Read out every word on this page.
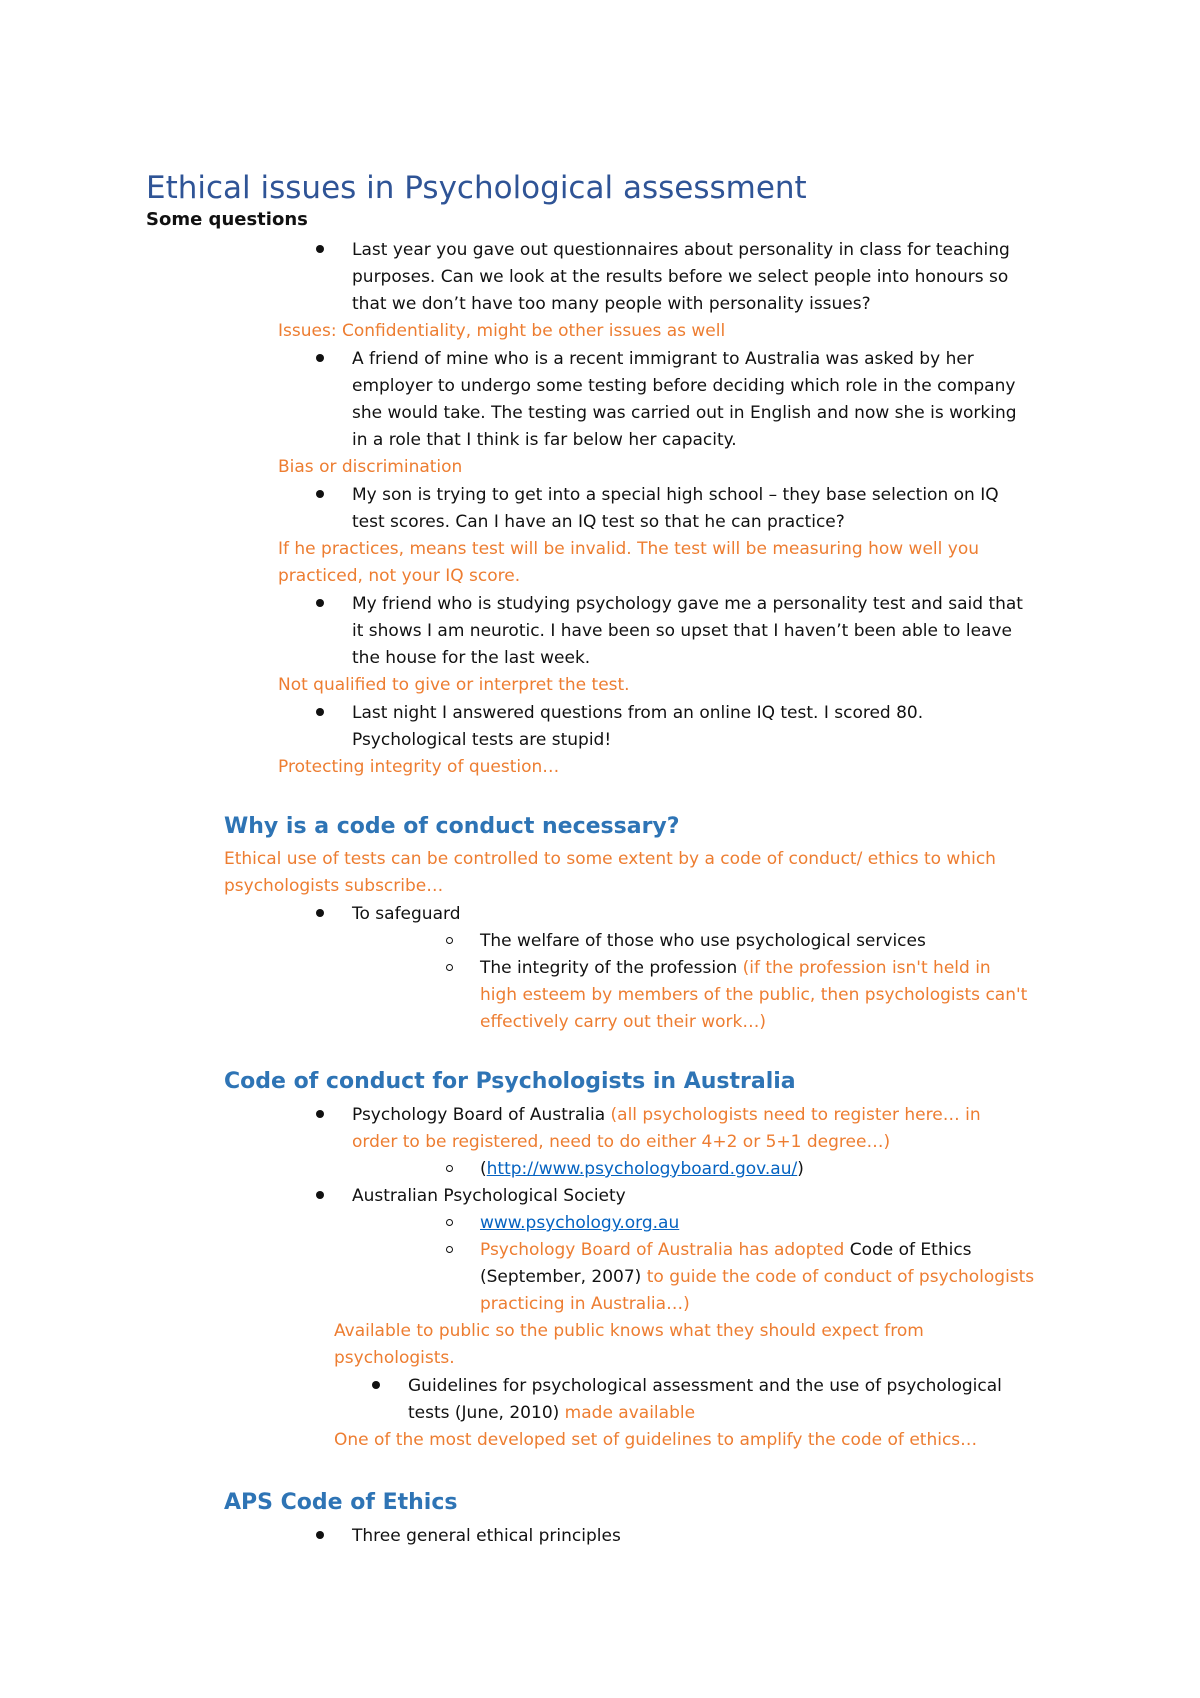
Ethical issues in Psychological assessment
Some questions
Last year you gave out questionnaires about personality in class for teaching
purposes. Can we look at the results before we select people into honours so
that we don’t have too many people with personality issues?
Issues: Confidentiality, might be other issues as well
A friend of mine who is a recent immigrant to Australia was asked by her
employer to undergo some testing before deciding which role in the company
she would take. The testing was carried out in English and now she is working
in a role that I think is far below her capacity.
Bias or discrimination
My son is trying to get into a special high school – they base selection on IQ
test scores. Can I have an IQ test so that he can practice?
If he practices, means test will be invalid. The test will be measuring how well you
practiced, not your IQ score.
My friend who is studying psychology gave me a personality test and said that
it shows I am neurotic. I have been so upset that I haven’t been able to leave
the house for the last week.
Not qualified to give or interpret the test.
Last night I answered questions from an online IQ test. I scored 80.
Psychological tests are stupid!
Protecting integrity of question…
Why is a code of conduct necessary?
Ethical use of tests can be controlled to some extent by a code of conduct/ ethics to which
psychologists subscribe…
To safeguard
The welfare of those who use psychological services
The integrity of the profession (if the profession isn't held in
high esteem by members of the public, then psychologists can't
effectively carry out their work…)
Code of conduct for Psychologists in Australia
Psychology Board of Australia (all psychologists need to register here… in
order to be registered, need to do either 4+2 or 5+1 degree…)
(http://www.psychologyboard.gov.au/)
Australian Psychological Society
www.psychology.org.au
Psychology Board of Australia has adopted Code of Ethics
(September, 2007) to guide the code of conduct of psychologists
practicing in Australia…)
Available to public so the public knows what they should expect from
psychologists.
Guidelines for psychological assessment and the use of psychological
tests (June, 2010) made available
One of the most developed set of guidelines to amplify the code of ethics…
APS Code of Ethics
Three general ethical principles
